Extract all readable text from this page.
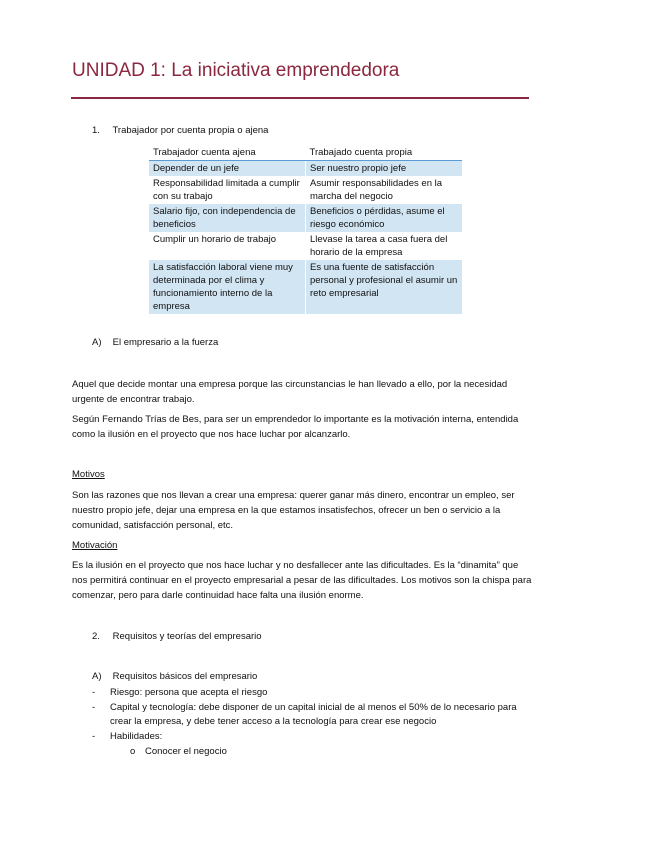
UNIDAD 1: La iniciativa emprendedora
1. Trabajador por cuenta propia o ajena
Trabajador cuenta ajena	Trabajado cuenta propia
Depender de un jefe	Ser nuestro propio jefe
Responsabilidad limitada a cumplir con su trabajo	Asumir responsabilidades en la marcha del negocio
Salario fijo, con independencia de beneficios	Beneficios o pérdidas, asume el riesgo económico
Cumplir un horario de trabajo	Llevase la tarea a casa fuera del horario de la empresa
La satisfacción laboral viene muy determinada por el clima y funcionamiento interno de la empresa	Es una fuente de satisfacción personal y profesional el asumir un reto empresarial
A) El empresario a la fuerza
Aquel que decide montar una empresa porque las circunstancias le han llevado a ello, por la necesidad urgente de encontrar trabajo.
Según Fernando Trías de Bes, para ser un emprendedor lo importante es la motivación interna, entendida como la ilusión en el proyecto que nos hace luchar por alcanzarlo.
Motivos
Son las razones que nos llevan a crear una empresa: querer ganar más dinero, encontrar un empleo, ser nuestro propio jefe, dejar una empresa en la que estamos insatisfechos, ofrecer un ben o servicio a la comunidad, satisfacción personal, etc.
Motivación
Es la ilusión en el proyecto que nos hace luchar y no desfallecer ante las dificultades. Es la “dinamita” que nos permitirá continuar en el proyecto empresarial a pesar de las dificultades. Los motivos son la chispa para comenzar, pero para darle continuidad hace falta una ilusión enorme.
2. Requisitos y teorías del empresario
A) Requisitos básicos del empresario
- Riesgo: persona que acepta el riesgo
- Capital y tecnología: debe disponer de un capital inicial de al menos el 50% de lo necesario para crear la empresa, y debe tener acceso a la tecnología para crear ese negocio
- Habilidades:
o Conocer el negocio
